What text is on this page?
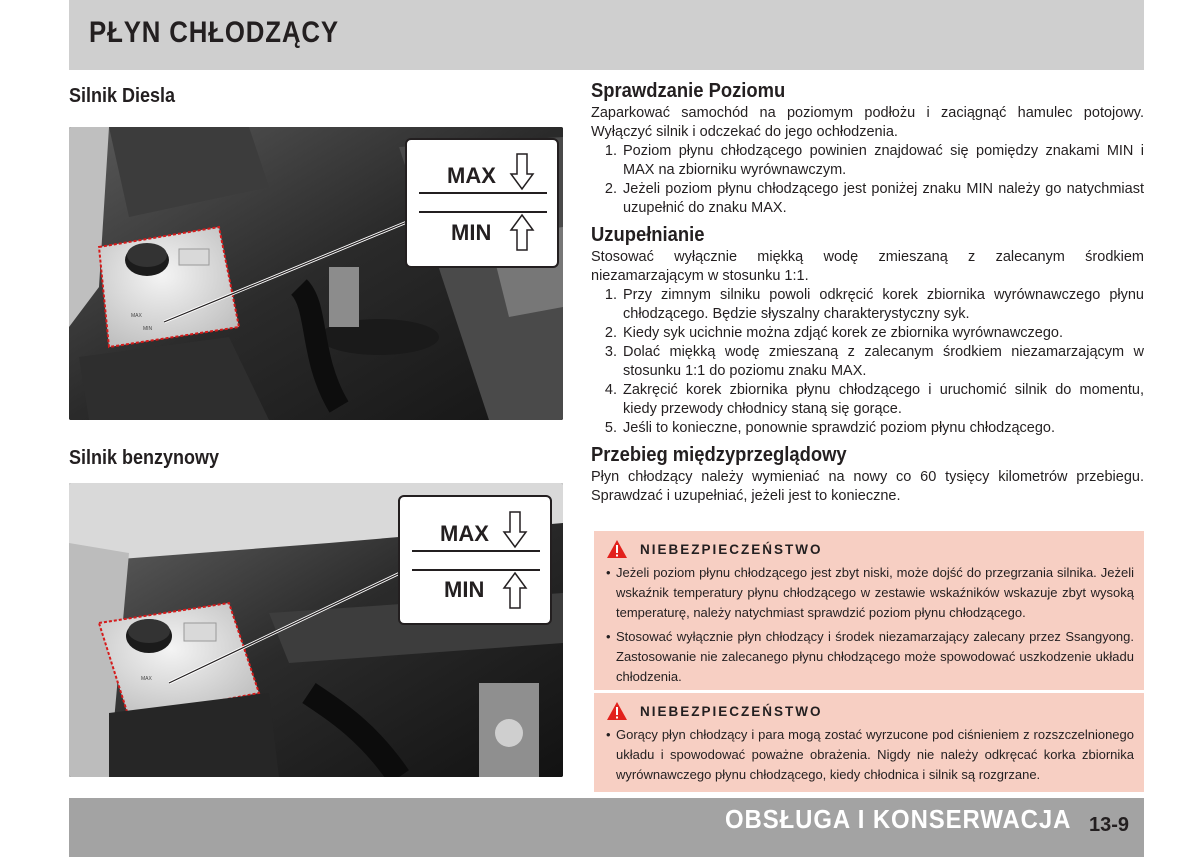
PŁYN CHŁODZĄCY
Silnik Diesla
MAX
MIN
MAX
MIN
Silnik benzynowy
MAX
MAX
MIN
Sprawdzanie Poziomu

Zaparkować samochód na poziomym podłożu i zaciągnąć hamulec potojowy. Wyłączyć silnik i odczekać do jego ochłodzenia.

1. Poziom płynu chłodzącego powinien znajdować się pomiędzy znakami MIN i MAX na zbiorniku wyrównawczym.
2. Jeżeli poziom płynu chłodzącego jest poniżej znaku MIN należy go natychmiast uzupełnić do znaku MAX.
Uzupełnianie

Stosować wyłącznie miękką wodę zmieszaną z zalecanym środkiem niezamarzającym w stosunku 1:1.

1. Przy zimnym silniku powoli odkręcić korek zbiornika wyrównawczego płynu chłodzącego. Będzie słyszalny charakterystyczny syk.
2. Kiedy syk ucichnie można zdjąć korek ze zbiornika wyrównawczego.
3. Dolać miękką wodę zmieszaną z zalecanym środkiem niezamarzającym w stosunku 1:1 do poziomu znaku MAX.
4. Zakręcić korek zbiornika płynu chłodzącego i uruchomić silnik do momentu, kiedy przewody chłodnicy staną się gorące.
5. Jeśli to konieczne, ponownie sprawdzić poziom płynu chłodzącego.
Przebieg międzyprzeglądowy

Płyn chłodzący należy wymieniać na nowy co 60 tysięcy kilometrów przebiegu. Sprawdzać i uzupełniać, jeżeli jest to konieczne.

NIEBEZPIECZEŃSTWO
• Jeżeli poziom płynu chłodzącego jest zbyt niski, może dojść do przegrzania silnika. Jeżeli wskaźnik temperatury płynu chłodzącego w zestawie wskaźników wskazuje zbyt wysoką temperaturę, należy natychmiast sprawdzić poziom płynu chłodzącego.
• Stosować wyłącznie płyn chłodzący i środek niezamarzający zalecany przez Ssangyong. Zastosowanie nie zalecanego płynu chłodzącego może spowodować uszkodzenie układu chłodzenia.
NIEBEZPIECZEŃSTWO
• Gorący płyn chłodzący i para mogą zostać wyrzucone pod ciśnieniem z rozszczelnionego układu i spowodować poważne obrażenia. Nigdy nie należy odkręcać korka zbiornika wyrównawczego płynu chłodzącego, kiedy chłodnica i silnik są rozgrzane.
OBSŁUGA I KONSERWACJA 13-9
